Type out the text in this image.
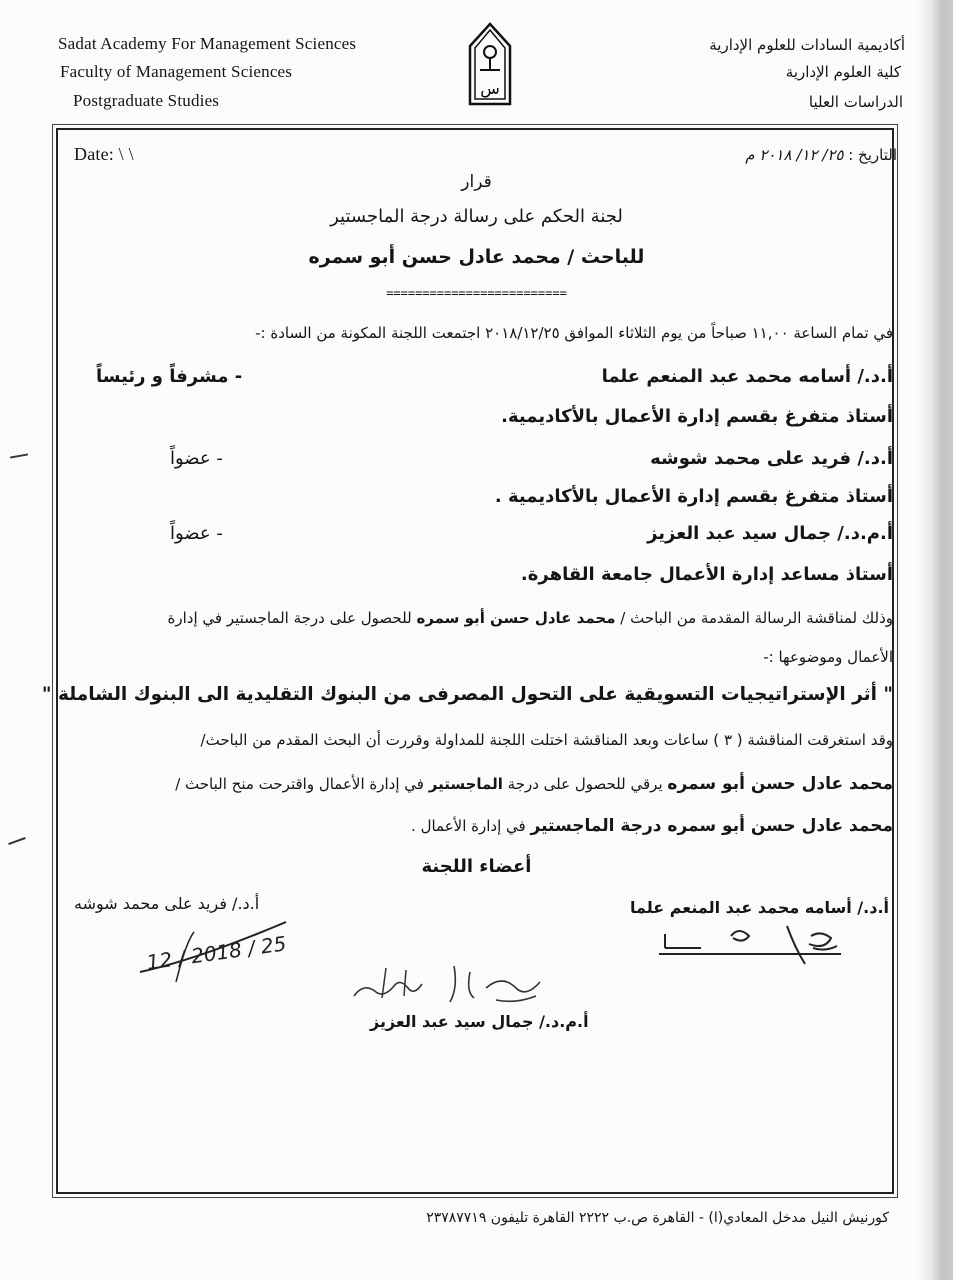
Sadat Academy For Management Sciences
Faculty of Management Sciences
Postgraduate Studies
س
أكاديمية السادات للعلوم الإدارية
كلية العلوم الإدارية
الدراسات العليا
Date: \ \	التاريخ : ٢٥/ ١٢/ ٢٠١٨ م
قرار
لجنة الحكم على رسالة درجة الماجستير
للباحث / محمد عادل حسن أبو سمره
=========================
في تمام الساعة ١١,٠٠ صباحاً من يوم الثلاثاء الموافق ٢٠١٨/١٢/٢٥ اجتمعت اللجنة المكونة من السادة :-
أ.د./ أسامه محمد عبد المنعم علما
- مشرفاً و رئيساً
أستاذ متفرغ بقسم إدارة الأعمال بالأكاديمية.
أ.د./ فريد على محمد شوشه
- عضواً
أستاذ متفرغ بقسم إدارة الأعمال بالأكاديمية .
أ.م.د./ جمال سيد عبد العزيز
- عضواً
أستاذ مساعد إدارة الأعمال جامعة القاهرة.
وذلك لمناقشة الرسالة المقدمة من الباحث / محمد عادل حسن أبو سمره للحصول على درجة الماجستير في إدارة
الأعمال وموضوعها :-
" أثر الإستراتيجيات التسويقية على التحول المصرفى من البنوك التقليدية الى البنوك الشاملة "
وقد استغرقت المناقشة ( ٣ ) ساعات وبعد المناقشة اختلت اللجنة للمداولة وقررت أن البحث المقدم من الباحث/
محمد عادل حسن أبو سمره يرقي للحصول على درجة الماجستير في إدارة الأعمال واقترحت منح الباحث /
محمد عادل حسن أبو سمره درجة الماجستير في إدارة الأعمال .
أعضاء اللجنة
أ.د./ أسامه محمد عبد المنعم علما
أ.د./ فريد على محمد شوشه
أ.م.د./ جمال سيد عبد العزيز
12 / 2018 / 25
كورنيش النيل مدخل المعادي(ا) - القاهرة ص.ب ٢٢٢٢ القاهرة تليفون ٢٣٧٨٧٧١٩
